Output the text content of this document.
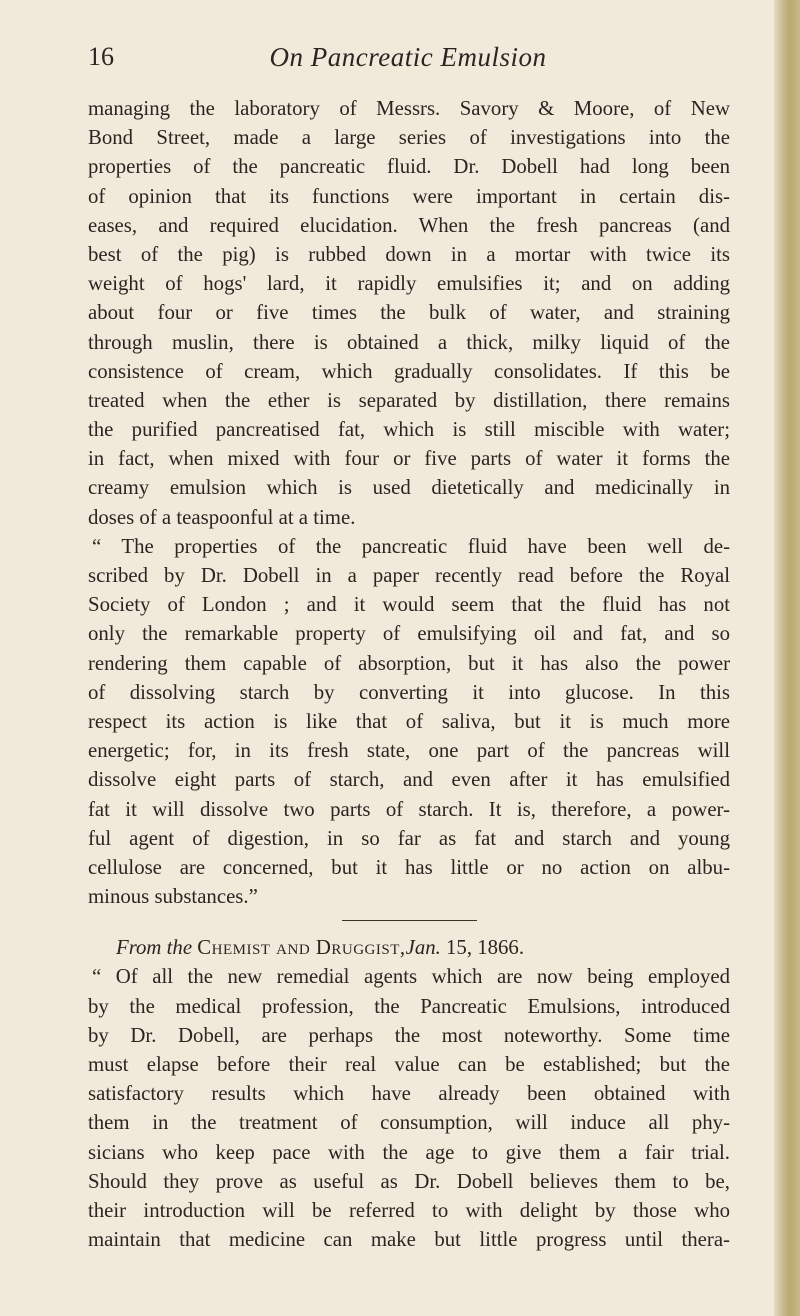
16	On Pancreatic Emulsion
managing the laboratory of Messrs. Savory & Moore, of New
Bond Street, made a large series of investigations into the
properties of the pancreatic fluid. Dr. Dobell had long been
of opinion that its functions were important in certain dis-
eases, and required elucidation. When the fresh pancreas (and
best of the pig) is rubbed down in a mortar with twice its
weight of hogs' lard, it rapidly emulsifies it; and on adding
about four or five times the bulk of water, and straining
through muslin, there is obtained a thick, milky liquid of the
consistence of cream, which gradually consolidates. If this be
treated when the ether is separated by distillation, there remains
the purified pancreatised fat, which is still miscible with water;
in fact, when mixed with four or five parts of water it forms the
creamy emulsion which is used dietetically and medicinally in
doses of a teaspoonful at a time.
“ The properties of the pancreatic fluid have been well de-
scribed by Dr. Dobell in a paper recently read before the Royal
Society of London ; and it would seem that the fluid has not
only the remarkable property of emulsifying oil and fat, and so
rendering them capable of absorption, but it has also the power
of dissolving starch by converting it into glucose. In this
respect its action is like that of saliva, but it is much more
energetic; for, in its fresh state, one part of the pancreas will
dissolve eight parts of starch, and even after it has emulsified
fat it will dissolve two parts of starch. It is, therefore, a power-
ful agent of digestion, in so far as fat and starch and young
cellulose are concerned, but it has little or no action on albu-
minous substances.”
From the Chemist and Druggist,Jan. 15, 1866.
“ Of all the new remedial agents which are now being employed
by the medical profession, the Pancreatic Emulsions, introduced
by Dr. Dobell, are perhaps the most noteworthy. Some time
must elapse before their real value can be established; but the
satisfactory results which have already been obtained with
them in the treatment of consumption, will induce all phy-
sicians who keep pace with the age to give them a fair trial.
Should they prove as useful as Dr. Dobell believes them to be,
their introduction will be referred to with delight by those who
maintain that medicine can make but little progress until thera-
